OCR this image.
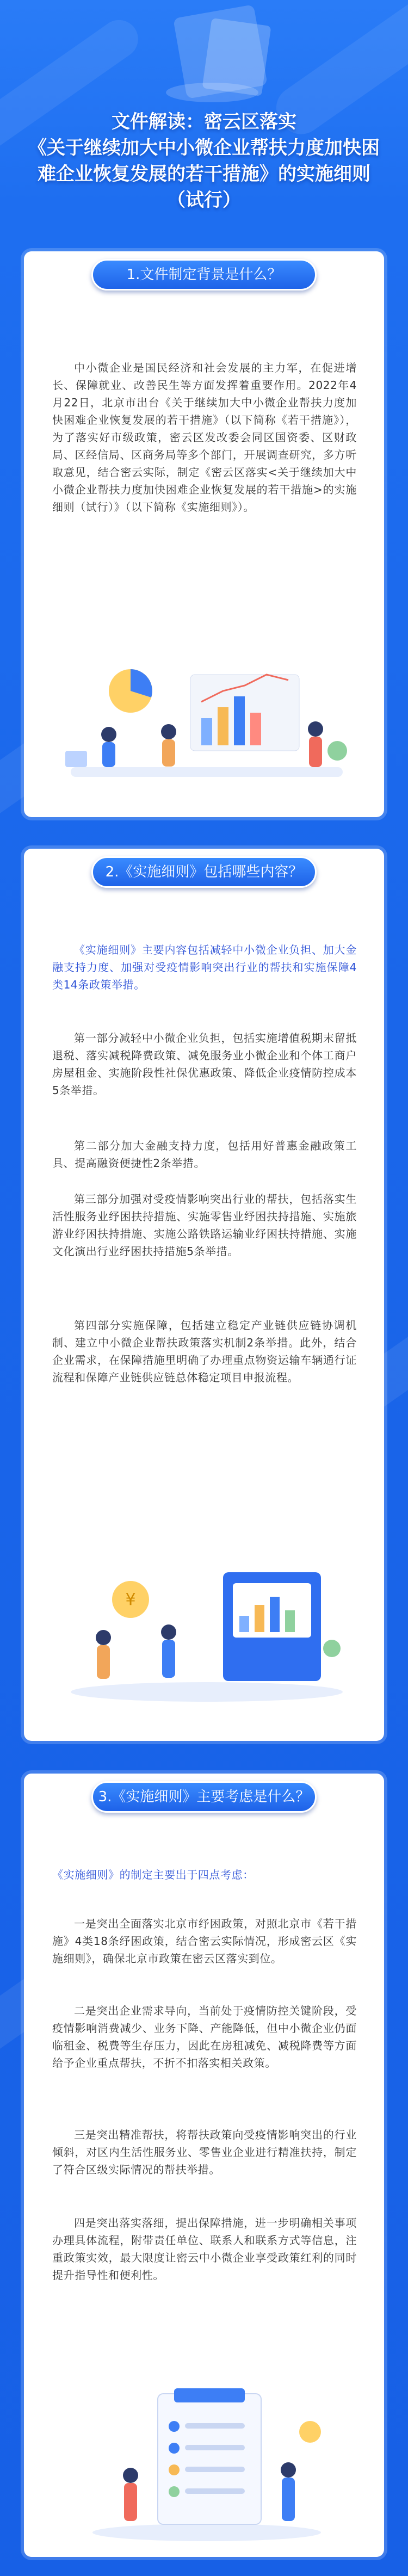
文件解读：密云区落实
《关于继续加大中小微企业帮扶力度加快困难企业恢复发展的若干措施》的实施细则（试行）
1.文件制定背景是什么？
中小微企业是国民经济和社会发展的主力军，在促进增长、保障就业、改善民生等方面发挥着重要作用。2022年4月22日，北京市出台《关于继续加大中小微企业帮扶力度加快困难企业恢复发展的若干措施》（以下简称《若干措施》），为了落实好市级政策，密云区发改委会同区国资委、区财政局、区经信局、区商务局等多个部门，开展调查研究，多方听取意见，结合密云实际，制定《密云区落实<关于继续加大中小微企业帮扶力度加快困难企业恢复发展的若干措施>的实施细则（试行）》（以下简称《实施细则》）。
2.《实施细则》包括哪些内容？
《实施细则》主要内容包括减轻中小微企业负担、加大金融支持力度、加强对受疫情影响突出行业的帮扶和实施保障4类14条政策举措。
第一部分减轻中小微企业负担，包括实施增值税期末留抵退税、落实减税降费政策、减免服务业小微企业和个体工商户房屋租金、实施阶段性社保优惠政策、降低企业疫情防控成本5条举措。
第二部分加大金融支持力度，包括用好普惠金融政策工具、提高融资便捷性2条举措。
第三部分加强对受疫情影响突出行业的帮扶，包括落实生活性服务业纾困扶持措施、实施零售业纾困扶持措施、实施旅游业纾困扶持措施、实施公路铁路运输业纾困扶持措施、实施文化演出行业纾困扶持措施5条举措。
第四部分实施保障，包括建立稳定产业链供应链协调机制、建立中小微企业帮扶政策落实机制2条举措。此外，结合企业需求，在保障措施里明确了办理重点物资运输车辆通行证流程和保障产业链供应链总体稳定项目申报流程。
¥
3.《实施细则》主要考虑是什么？
《实施细则》的制定主要出于四点考虑：
一是突出全面落实北京市纾困政策，对照北京市《若干措施》4类18条纾困政策，结合密云实际情况，形成密云区《实施细则》，确保北京市政策在密云区落实到位。
二是突出企业需求导向，当前处于疫情防控关键阶段，受疫情影响消费减少、业务下降、产能降低，但中小微企业仍面临租金、税费等生存压力，因此在房租减免、减税降费等方面给予企业重点帮扶，不折不扣落实相关政策。
三是突出精准帮扶，将帮扶政策向受疫情影响突出的行业倾斜，对区内生活性服务业、零售业企业进行精准扶持，制定了符合区级实际情况的帮扶举措。
四是突出落实落细，提出保障措施，进一步明确相关事项办理具体流程，附带责任单位、联系人和联系方式等信息，注重政策实效，最大限度让密云中小微企业享受政策红利的同时提升指导性和便利性。
